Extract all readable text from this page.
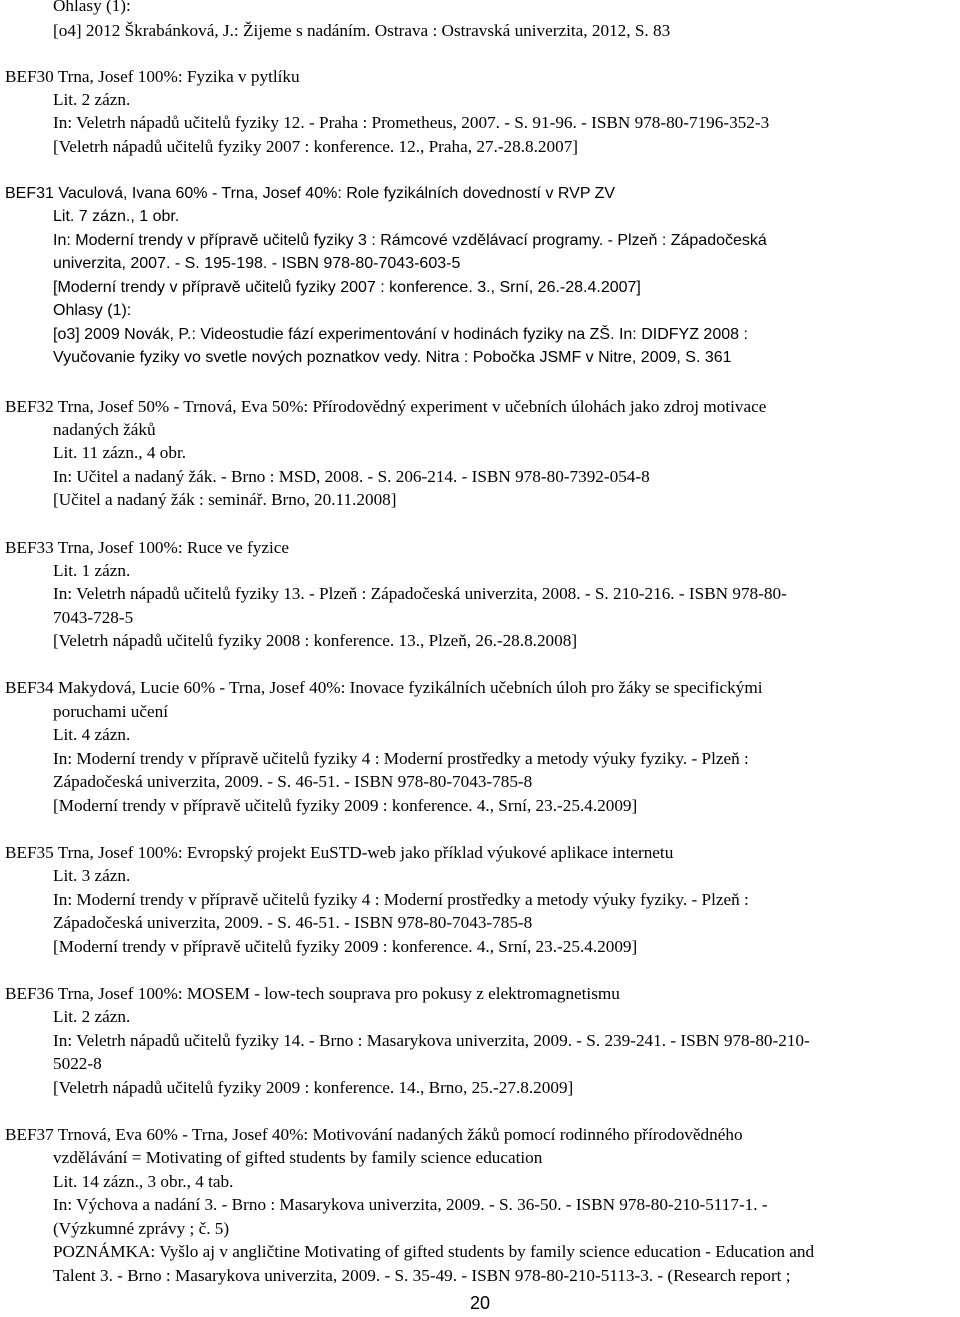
Ohlasy (1):
[o4] 2012 Škrabánková, J.: Žijeme s nadáním. Ostrava : Ostravská univerzita, 2012, S. 83
BEF30 Trna, Josef 100%: Fyzika v pytlíku
Lit. 2 zázn.
In: Veletrh nápadů učitelů fyziky 12. - Praha : Prometheus, 2007. - S. 91-96. - ISBN 978-80-7196-352-3
[Veletrh nápadů učitelů fyziky 2007 : konference. 12., Praha, 27.-28.8.2007]
BEF31 Vaculová, Ivana 60% - Trna, Josef 40%: Role fyzikálních dovedností v RVP ZV
Lit. 7 zázn., 1 obr.
In: Moderní trendy v přípravě učitelů fyziky 3 : Rámcové vzdělávací programy. - Plzeň : Západočeská
univerzita, 2007. - S. 195-198. - ISBN 978-80-7043-603-5
[Moderní trendy v přípravě učitelů fyziky 2007 : konference. 3., Srní, 26.-28.4.2007]
Ohlasy (1):
[o3] 2009 Novák, P.: Videostudie fází experimentování v hodinách fyziky na ZŠ. In: DIDFYZ 2008 :
Vyučovanie fyziky vo svetle nových poznatkov vedy. Nitra : Pobočka JSMF v Nitre, 2009, S. 361
BEF32 Trna, Josef 50% - Trnová, Eva 50%: Přírodovědný experiment v učebních úlohách jako zdroj motivace
nadaných žáků
Lit. 11 zázn., 4 obr.
In: Učitel a nadaný žák. - Brno : MSD, 2008. - S. 206-214. - ISBN 978-80-7392-054-8
[Učitel a nadaný žák : seminář. Brno, 20.11.2008]
BEF33 Trna, Josef 100%: Ruce ve fyzice
Lit. 1 zázn.
In: Veletrh nápadů učitelů fyziky 13. - Plzeň : Západočeská univerzita, 2008. - S. 210-216. - ISBN 978-80-
7043-728-5
[Veletrh nápadů učitelů fyziky 2008 : konference. 13., Plzeň, 26.-28.8.2008]
BEF34 Makydová, Lucie 60% - Trna, Josef 40%: Inovace fyzikálních učebních úloh pro žáky se specifickými
poruchami učení
Lit. 4 zázn.
In: Moderní trendy v přípravě učitelů fyziky 4 : Moderní prostředky a metody výuky fyziky. - Plzeň :
Západočeská univerzita, 2009. - S. 46-51. - ISBN 978-80-7043-785-8
[Moderní trendy v přípravě učitelů fyziky 2009 : konference. 4., Srní, 23.-25.4.2009]
BEF35 Trna, Josef 100%: Evropský projekt EuSTD-web jako příklad výukové aplikace internetu
Lit. 3 zázn.
In: Moderní trendy v přípravě učitelů fyziky 4 : Moderní prostředky a metody výuky fyziky. - Plzeň :
Západočeská univerzita, 2009. - S. 46-51. - ISBN 978-80-7043-785-8
[Moderní trendy v přípravě učitelů fyziky 2009 : konference. 4., Srní, 23.-25.4.2009]
BEF36 Trna, Josef 100%: MOSEM - low-tech souprava pro pokusy z elektromagnetismu
Lit. 2 zázn.
In: Veletrh nápadů učitelů fyziky 14. - Brno : Masarykova univerzita, 2009. - S. 239-241. - ISBN 978-80-210-
5022-8
[Veletrh nápadů učitelů fyziky 2009 : konference. 14., Brno, 25.-27.8.2009]
BEF37 Trnová, Eva 60% - Trna, Josef 40%: Motivování nadaných žáků pomocí rodinného přírodovědného
vzdělávání = Motivating of gifted students by family science education
Lit. 14 zázn., 3 obr., 4 tab.
In: Výchova a nadání 3. - Brno : Masarykova univerzita, 2009. - S. 36-50. - ISBN 978-80-210-5117-1. -
(Výzkumné zprávy ; č. 5)
POZNÁMKA: Vyšlo aj v angličtine Motivating of gifted students by family science education - Education and
Talent 3. - Brno : Masarykova univerzita, 2009. - S. 35-49. - ISBN 978-80-210-5113-3. - (Research report ;
20
